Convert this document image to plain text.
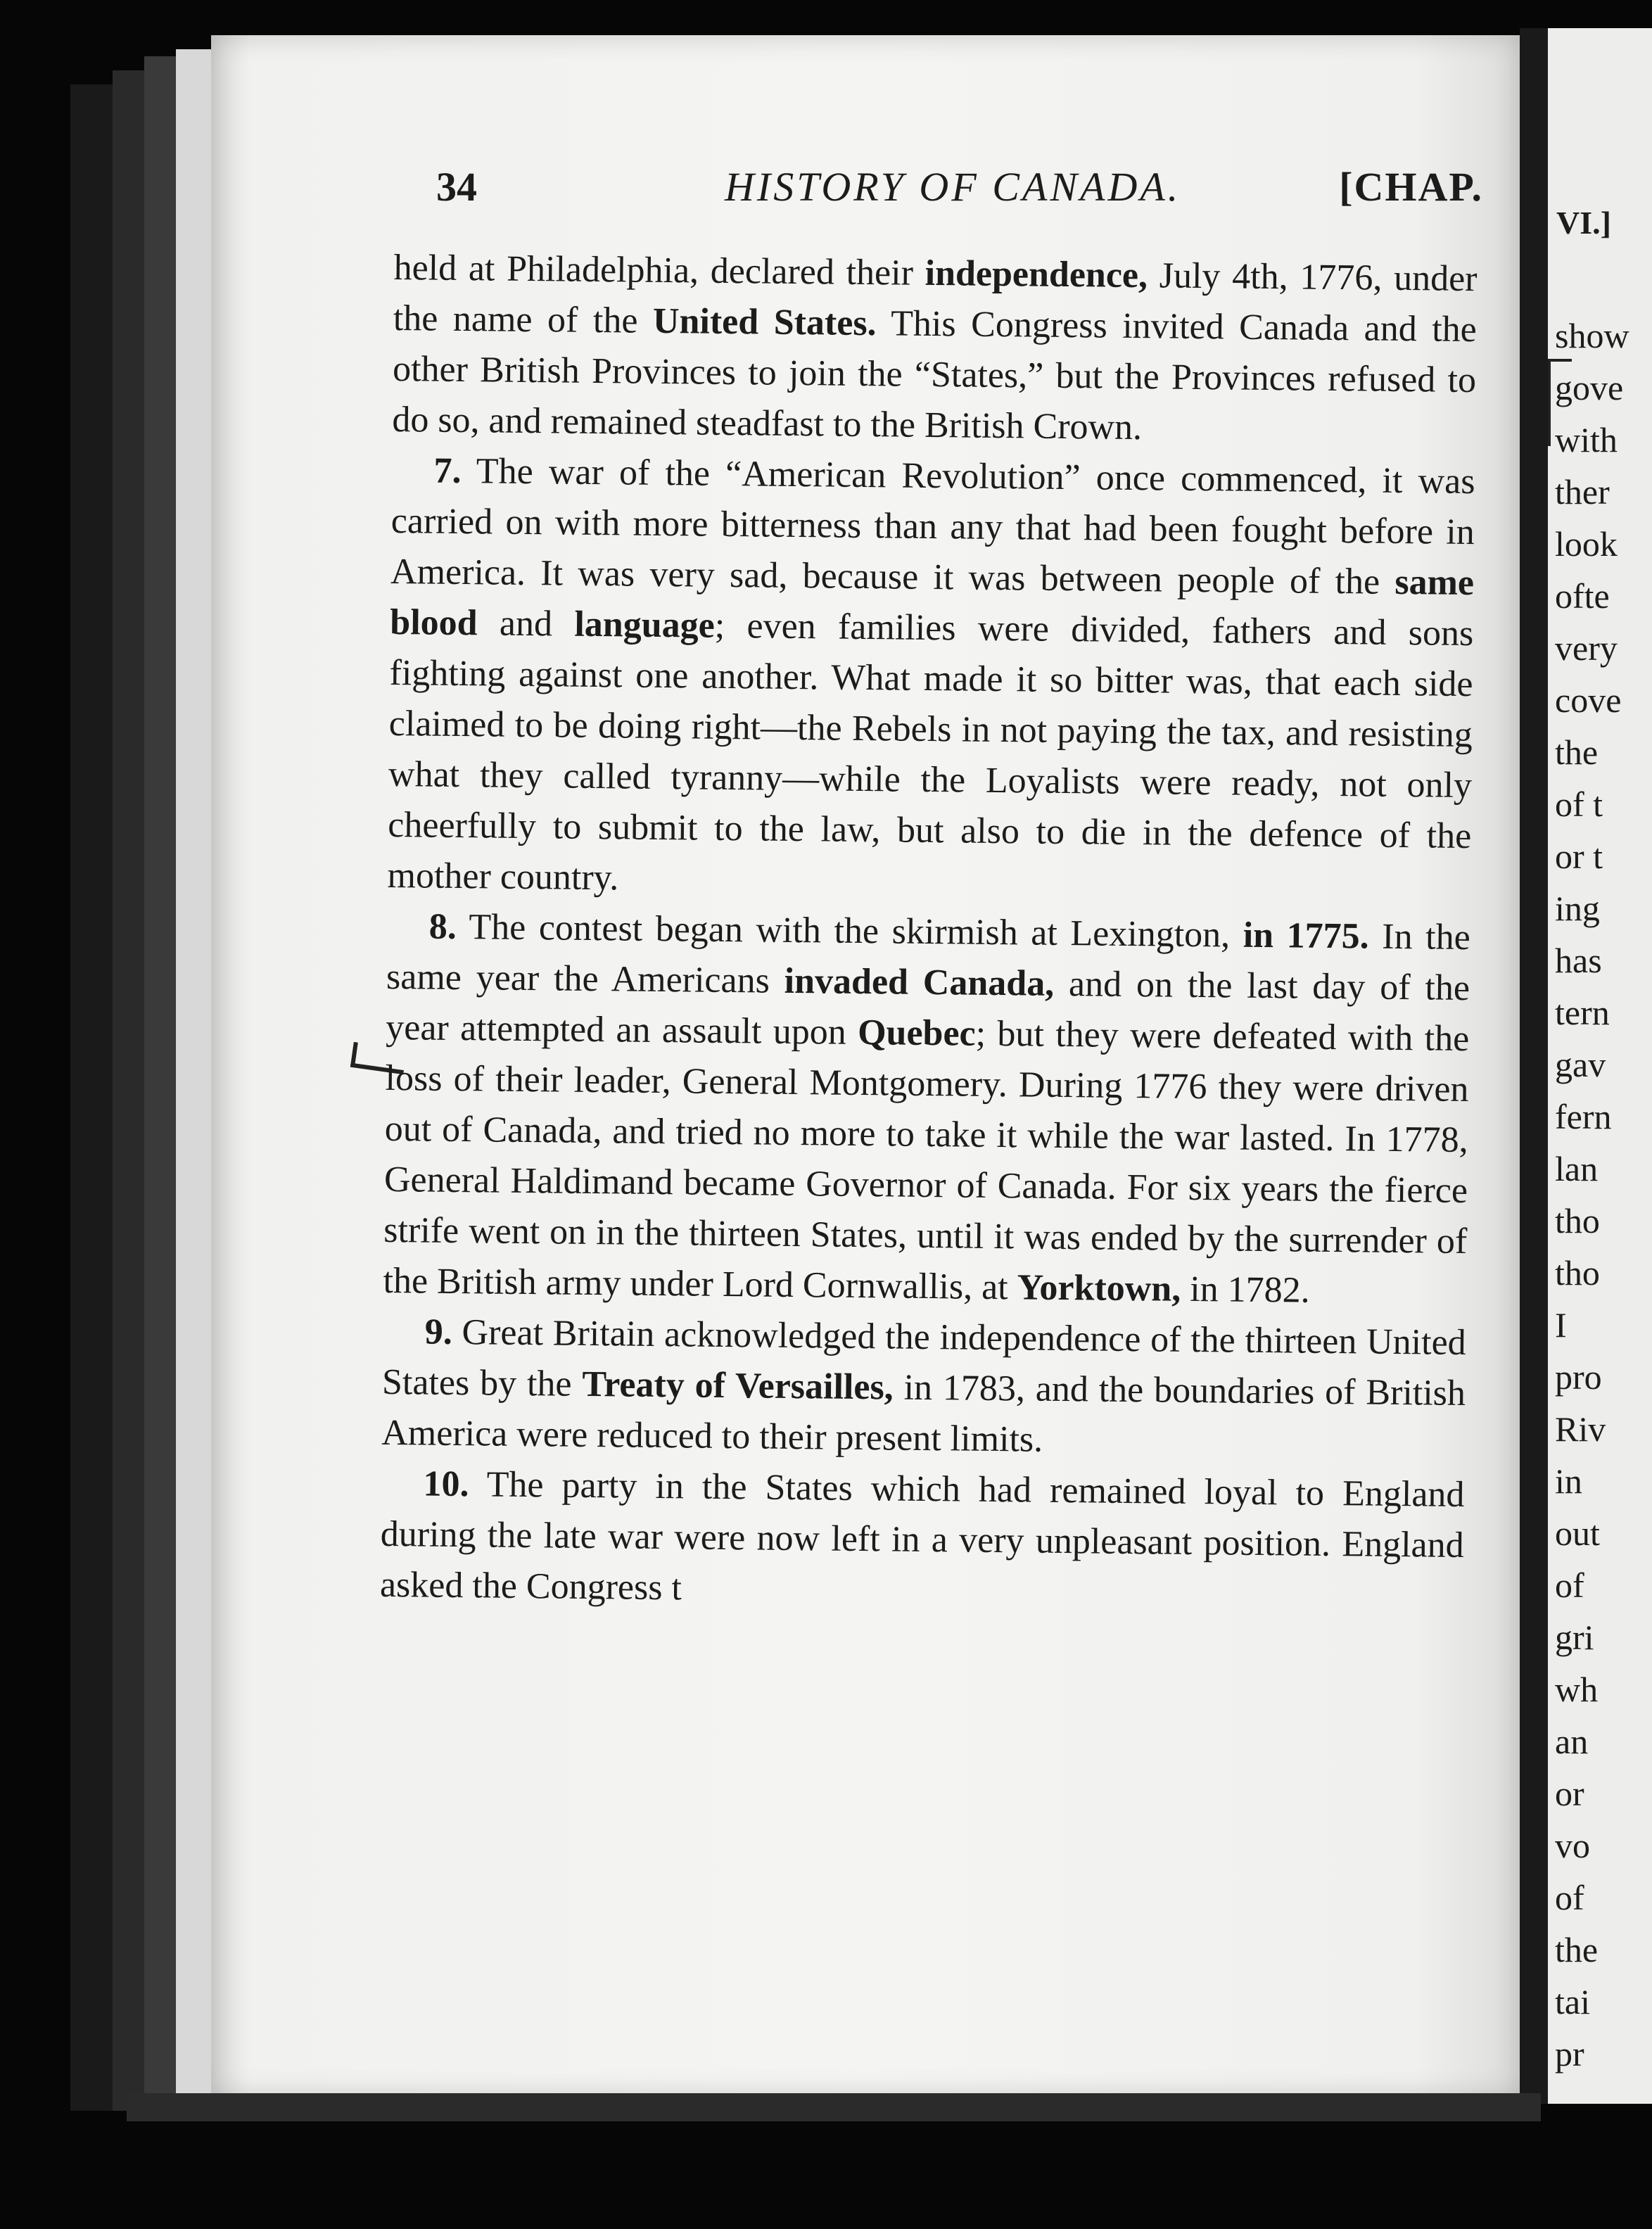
34	HISTORY OF CANADA.	[CHAP.

held at Philadelphia, declared their independence, July 4th, 1776, under the name of the United States. This Congress invited Canada and the other British Provinces to join the “States,” but the Provinces refused to do so, and remained steadfast to the British Crown.

7. The war of the “American Revolution” once commenced, it was carried on with more bitterness than any that had been fought before in America. It was very sad, because it was between people of the same blood and language; even families were divided, fathers and sons fighting against one another. What made it so bitter was, that each side claimed to be doing right—the Rebels in not paying the tax, and resisting what they called tyranny—while the Loyalists were ready, not only cheerfully to submit to the law, but also to die in the defence of the mother country.

8. The contest began with the skirmish at Lexington, in 1775. In the same year the Americans invaded Canada, and on the last day of the year attempted an assault upon Quebec; but they were defeated with the loss of their leader, General Montgomery. During 1776 they were driven out of Canada, and tried no more to take it while the war lasted. In 1778, General Haldimand became Governor of Canada. For six years the fierce strife went on in the thirteen States, until it was ended by the surrender of the British army under Lord Cornwallis, at Yorktown, in 1782.

9. Great Britain acknowledged the independence of the thirteen United States by the Treaty of Versailles, in 1783, and the boundaries of British America were reduced to their present limits.

10. The party in the States which had remained loyal to England during the late war were now left in a very unpleasant position. England asked the Congress t

VI.]
show
gove
with
ther
look
ofte
very
cove
the
of t
or t
ing
has
tern
gav
fern
lan
tho
tho
I
pro
Riv
in
out
of
gri
wh
an
or
vo
of
the
tai
pr
